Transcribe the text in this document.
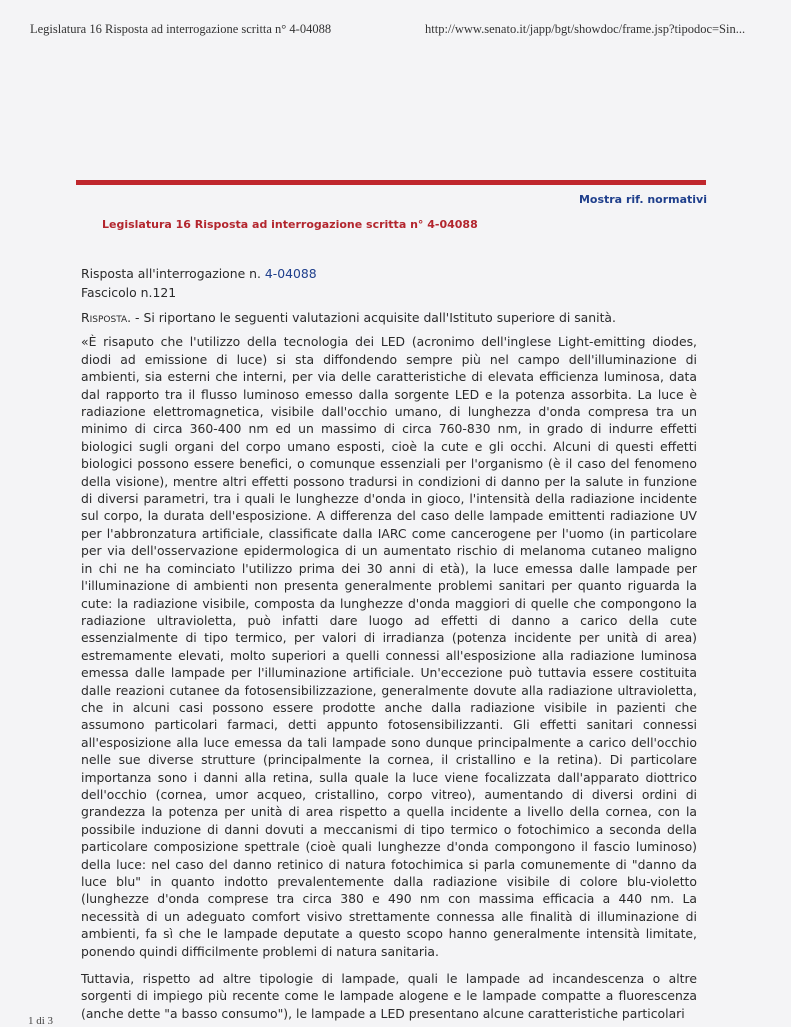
Legislatura 16 Risposta ad interrogazione scritta n° 4-04088	http://www.senato.it/japp/bgt/showdoc/frame.jsp?tipodoc=Sin...
Mostra rif. normativi
Legislatura 16 Risposta ad interrogazione scritta n° 4-04088

Risposta all'interrogazione n. 4-04088

Fascicolo n.121

Risposta. - Si riportano le seguenti valutazioni acquisite dall'Istituto superiore di sanità.

«È risaputo che l'utilizzo della tecnologia dei LED (acronimo dell'inglese Light-emitting diodes,
diodi ad emissione di luce) si sta diffondendo sempre più nel campo dell'illuminazione di
ambienti, sia esterni che interni, per via delle caratteristiche di elevata efficienza luminosa, data
dal rapporto tra il flusso luminoso emesso dalla sorgente LED e la potenza assorbita. La luce è
radiazione elettromagnetica, visibile dall'occhio umano, di lunghezza d'onda compresa tra un
minimo di circa 360-400 nm ed un massimo di circa 760-830 nm, in grado di indurre effetti
biologici sugli organi del corpo umano esposti, cioè la cute e gli occhi. Alcuni di questi effetti
biologici possono essere benefici, o comunque essenziali per l'organismo (è il caso del fenomeno
della visione), mentre altri effetti possono tradursi in condizioni di danno per la salute in funzione
di diversi parametri, tra i quali le lunghezze d'onda in gioco, l'intensità della radiazione incidente
sul corpo, la durata dell'esposizione. A differenza del caso delle lampade emittenti radiazione UV
per l'abbronzatura artificiale, classificate dalla IARC come cancerogene per l'uomo (in particolare
per via dell'osservazione epidermologica di un aumentato rischio di melanoma cutaneo maligno
in chi ne ha cominciato l'utilizzo prima dei 30 anni di età), la luce emessa dalle lampade per
l'illuminazione di ambienti non presenta generalmente problemi sanitari per quanto riguarda la
cute: la radiazione visibile, composta da lunghezze d'onda maggiori di quelle che compongono la
radiazione ultravioletta, può infatti dare luogo ad effetti di danno a carico della cute
essenzialmente di tipo termico, per valori di irradianza (potenza incidente per unità di area)
estremamente elevati, molto superiori a quelli connessi all'esposizione alla radiazione luminosa
emessa dalle lampade per l'illuminazione artificiale. Un'eccezione può tuttavia essere costituita
dalle reazioni cutanee da fotosensibilizzazione, generalmente dovute alla radiazione ultravioletta,
che in alcuni casi possono essere prodotte anche dalla radiazione visibile in pazienti che
assumono particolari farmaci, detti appunto fotosensibilizzanti. Gli effetti sanitari connessi
all'esposizione alla luce emessa da tali lampade sono dunque principalmente a carico dell'occhio
nelle sue diverse strutture (principalmente la cornea, il cristallino e la retina). Di particolare
importanza sono i danni alla retina, sulla quale la luce viene focalizzata dall'apparato diottrico
dell'occhio (cornea, umor acqueo, cristallino, corpo vitreo), aumentando di diversi ordini di
grandezza la potenza per unità di area rispetto a quella incidente a livello della cornea, con la
possibile induzione di danni dovuti a meccanismi di tipo termico o fotochimico a seconda della
particolare composizione spettrale (cioè quali lunghezze d'onda compongono il fascio luminoso)
della luce: nel caso del danno retinico di natura fotochimica si parla comunemente di "danno da
luce blu" in quanto indotto prevalentemente dalla radiazione visibile di colore blu-violetto
(lunghezze d'onda comprese tra circa 380 e 490 nm con massima efficacia a 440 nm. La
necessità di un adeguato comfort visivo strettamente connessa alle finalità di illuminazione di
ambienti, fa sì che le lampade deputate a questo scopo hanno generalmente intensità limitate,
ponendo quindi difficilmente problemi di natura sanitaria.

Tuttavia, rispetto ad altre tipologie di lampade, quali le lampade ad incandescenza o altre
sorgenti di impiego più recente come le lampade alogene e le lampade compatte a fluorescenza
(anche dette "a basso consumo"), le lampade a LED presentano alcune caratteristiche particolari

1 di 3
